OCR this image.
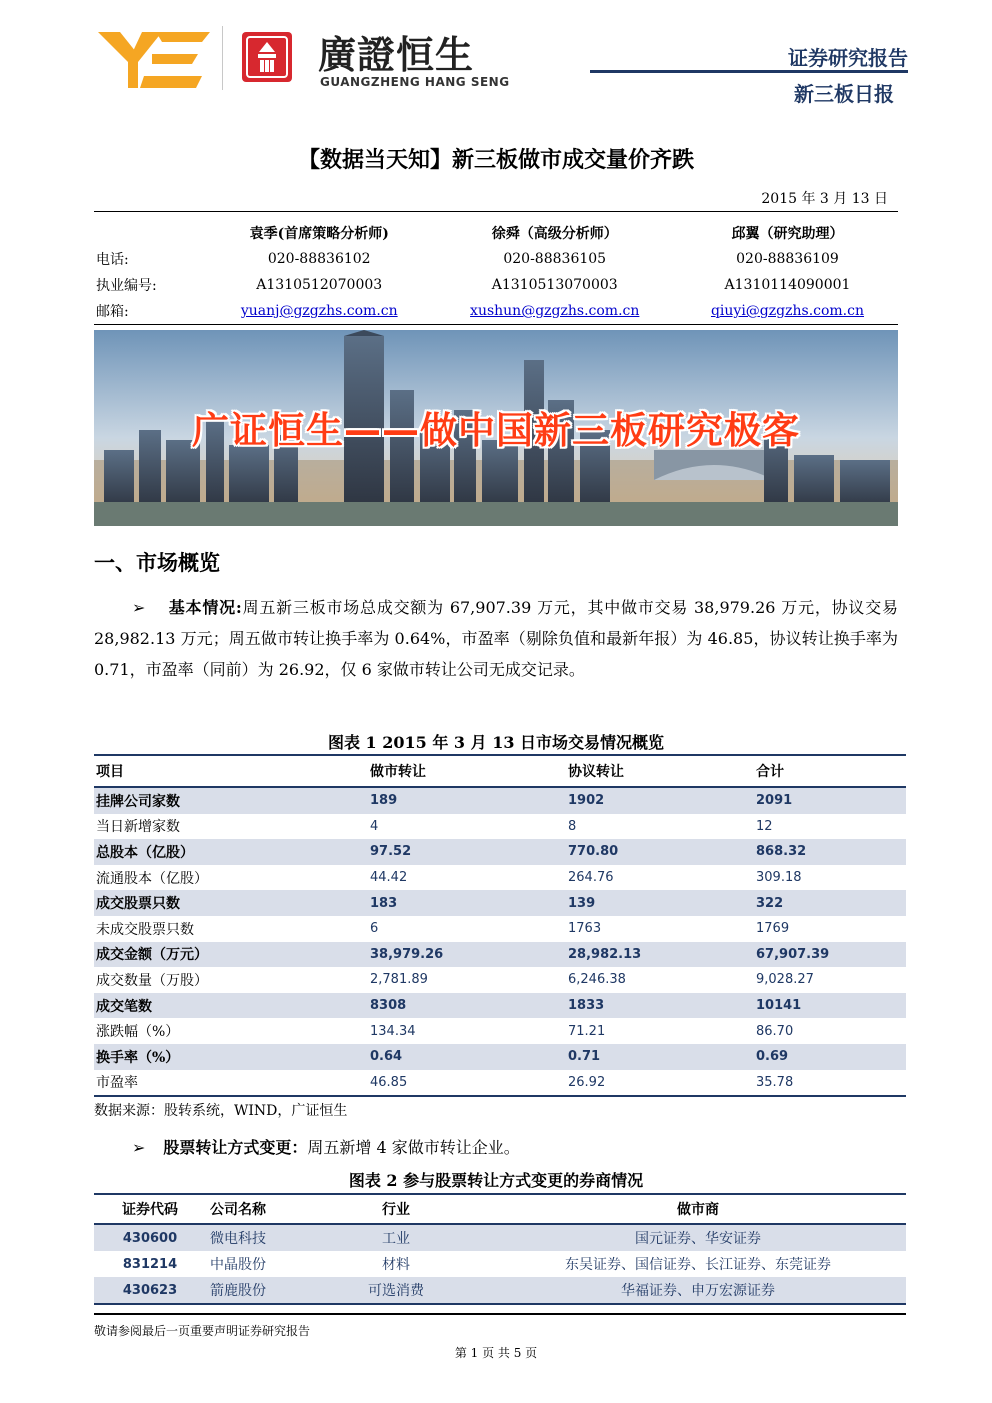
廣證恒生
GUANGZHENG HANG SENG
证券研究报告
新三板日报
【数据当天知】新三板做市成交量价齐跌
2015 年 3 月 13 日
	袁季(首席策略分析师)	徐舜（高级分析师）	邱翼（研究助理）
电话:	020-88836102	020-88836105	020-88836109
执业编号:	A1310512070003	A1310513070003	A1310114090001
邮箱:	yuanj@gzgzhs.com.cn	xushun@gzgzhs.com.cn	qiuyi@gzgzhs.com.cn
广证恒生——做中国新三板研究极客
一、市场概览
➢ 基本情况:周五新三板市场总成交额为 67,907.39 万元，其中做市交易 38,979.26 万元，协议交易 28,982.13 万元；周五做市转让换手率为 0.64%，市盈率（剔除负值和最新年报）为 46.85，协议转让换手率为 0.71，市盈率（同前）为 26.92，仅 6 家做市转让公司无成交记录。
图表 1 2015 年 3 月 13 日市场交易情况概览
项目	做市转让	协议转让	合计
挂牌公司家数	189	1902	2091
当日新增家数	4	8	12
总股本（亿股）	97.52	770.80	868.32
流通股本（亿股）	44.42	264.76	309.18
成交股票只数	183	139	322
未成交股票只数	6	1763	1769
成交金额（万元）	38,979.26	28,982.13	67,907.39
成交数量（万股）	2,781.89	6,246.38	9,028.27
成交笔数	8308	1833	10141
涨跌幅（%）	134.34	71.21	86.70
换手率（%）	0.64	0.71	0.69
市盈率	46.85	26.92	35.78
数据来源：股转系统，WIND，广证恒生
➢ 股票转让方式变更：周五新增 4 家做市转让企业。
图表 2 参与股票转让方式变更的券商情况
证券代码	公司名称	行业	做市商
430600	微电科技	工业	国元证券、华安证券
831214	中晶股份	材料	东吴证券、国信证券、长江证券、东莞证券
430623	箭鹿股份	可选消费	华福证券、申万宏源证券
敬请参阅最后一页重要声明证券研究报告
第 1 页 共 5 页
